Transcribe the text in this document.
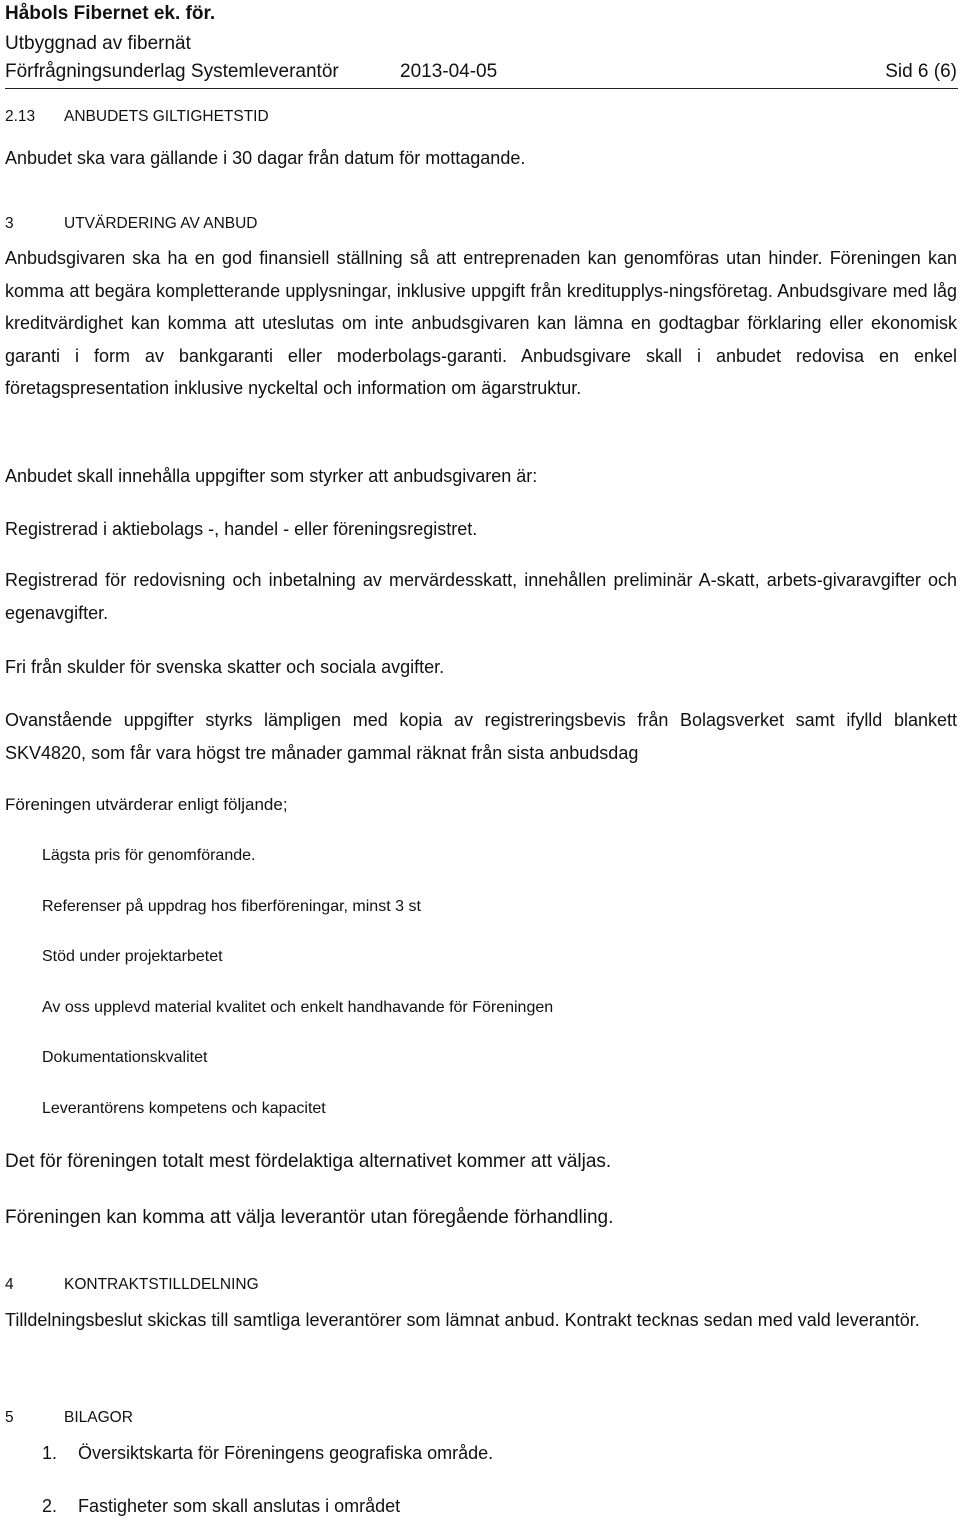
Håbols Fibernet ek. för.
Utbyggnad av fibernät
Förfrågningsunderlag Systemleverantör	2013-04-05	Sid 6 (6)
2.13 ANBUDETS GILTIGHETSTID

Anbudet ska vara gällande i 30 dagar från datum för mottagande.

3	UTVÄRDERING AV ANBUD

Anbudsgivaren ska ha en god finansiell ställning så att entreprenaden kan genomföras utan hinder. Föreningen kan komma att begära kompletterande upplysningar, inklusive uppgift från kreditupplys-ningsföretag. Anbudsgivare med låg kreditvärdighet kan komma att uteslutas om inte anbudsgivaren kan lämna en godtagbar förklaring eller ekonomisk garanti i form av bankgaranti eller moderbolags-garanti. Anbudsgivare skall i anbudet redovisa en enkel företagspresentation inklusive nyckeltal och information om ägarstruktur.

Anbudet skall innehålla uppgifter som styrker att anbudsgivaren är:

Registrerad i aktiebolags -, handel - eller föreningsregistret.

Registrerad för redovisning och inbetalning av mervärdesskatt, innehållen preliminär A-skatt, arbets-givaravgifter och egenavgifter.

Fri från skulder för svenska skatter och sociala avgifter.

Ovanstående uppgifter styrks lämpligen med kopia av registreringsbevis från Bolagsverket samt ifylld blankett SKV4820, som får vara högst tre månader gammal räknat från sista anbudsdag

Föreningen utvärderar enligt följande;

Lägsta pris för genomförande.

Referenser på uppdrag hos fiberföreningar, minst 3 st

Stöd under projektarbetet

Av oss upplevd material kvalitet och enkelt handhavande för Föreningen

Dokumentationskvalitet

Leverantörens kompetens och kapacitet

Det för föreningen totalt mest fördelaktiga alternativet kommer att väljas.

Föreningen kan komma att välja leverantör utan föregående förhandling.

4	KONTRAKTSTILLDELNING

Tilldelningsbeslut skickas till samtliga leverantörer som lämnat anbud. Kontrakt tecknas sedan med vald leverantör.

5	BILAGOR
1. Översiktskarta för Föreningens geografiska område.
2. Fastigheter som skall anslutas i området
